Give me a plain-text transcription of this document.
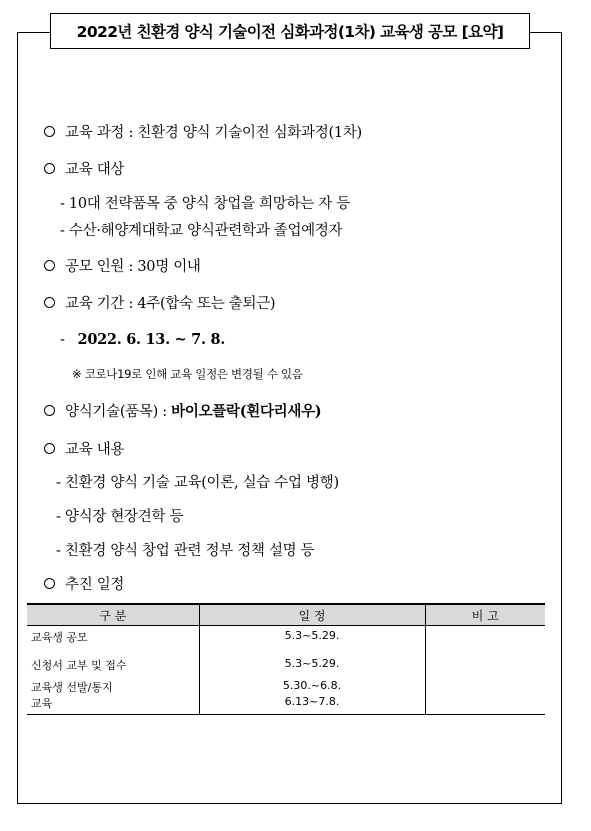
2022년 친환경 양식 기술이전 심화과정(1차) 교육생 공모 [요약]
교육 과정 : 친환경 양식 기술이전 심화과정(1차)
교육 대상
- 10대 전략품목 중 양식 창업을 희망하는 자 등
- 수산·해양계대학교 양식관련학과 졸업예정자
공모 인원 : 30명 이내
교육 기간 : 4주(합숙 또는 출퇴근)
- 2022. 6. 13. ~ 7. 8.
※ 코로나19로 인해 교육 일정은 변경될 수 있음
양식기술(품목) : 바이오플락(흰다리새우)
교육 내용
- 친환경 양식 기술 교육(이론, 실습 수업 병행)
- 양식장 현장견학 등
- 친환경 양식 창업 관련 정부 정책 설명 등
추진 일정
구 분	일 정	비 고
교육생 공모	5.3~5.29.	
신청서 교부 및 접수	5.3~5.29.	
교육생 선발/통지	5.30.~6.8.	
교육	6.13~7.8.	
